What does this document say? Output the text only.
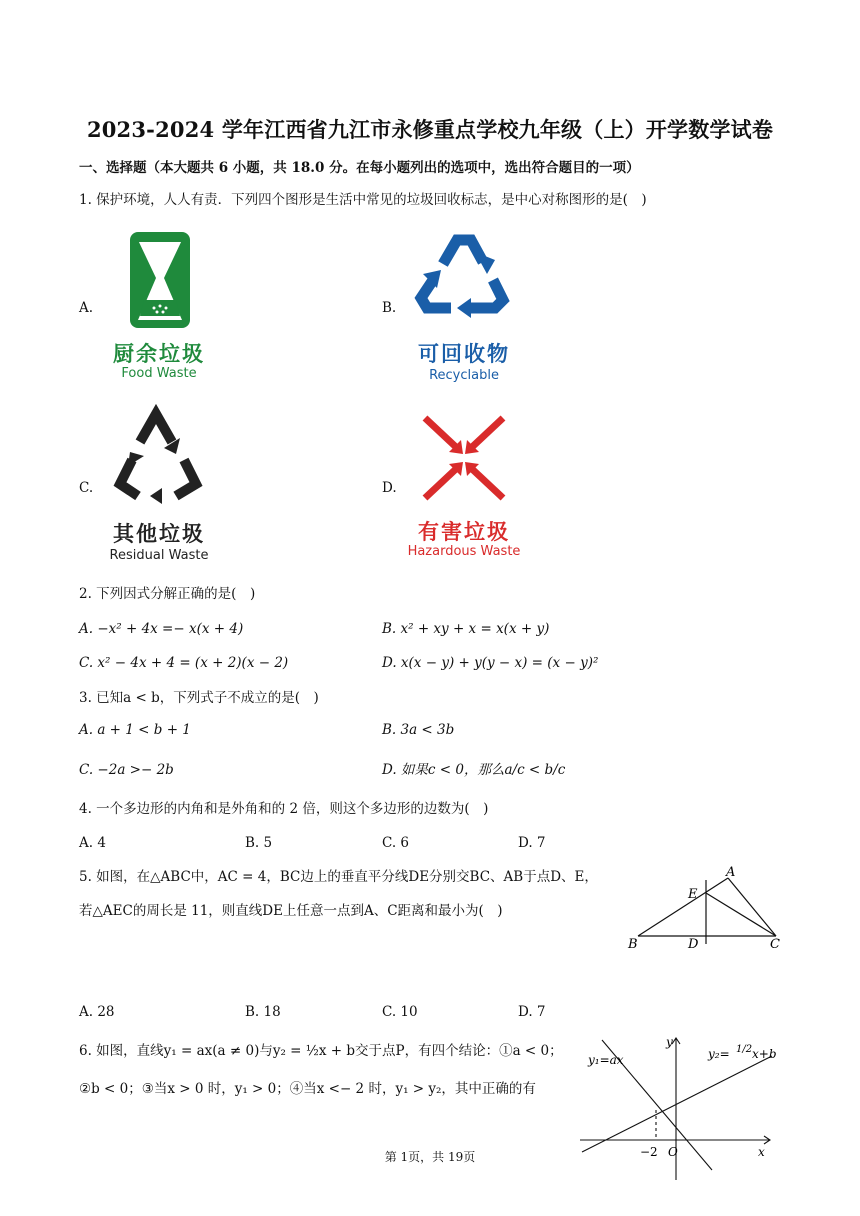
2023-2024 学年江西省九江市永修重点学校九年级（上）开学数学试卷
一、选择题（本大题共 6 小题，共 18.0 分。在每小题列出的选项中，选出符合题目的一项）
1. 保护环境，人人有责．下列四个图形是生活中常见的垃圾回收标志，是中心对称图形的是(　)
A.
厨余垃圾
Food Waste
B.
可回收物
Recyclable
C.
其他垃圾
Residual Waste
D.
有害垃圾
Hazardous Waste
2. 下列因式分解正确的是(　)
A. −x² + 4x =− x(x + 4)	B. x² + xy + x = x(x + y)
C. x² − 4x + 4 = (x + 2)(x − 2)	D. x(x − y) + y(y − x) = (x − y)²
3. 已知a < b，下列式子不成立的是(　)
A. a + 1 < b + 1	B. 3a < 3b
C. −2a >− 2b	D. 如果c < 0，那么a/c < b/c
4. 一个多边形的内角和是外角和的 2 倍，则这个多边形的边数为(　)
A. 4	B. 5	C. 6	D. 7
5. 如图，在△ABC中，AC = 4，BC边上的垂直平分线DE分别交BC、AB于点D、E，
若△AEC的周长是 11，则直线DE上任意一点到A、C距离和最小为(　)
A
E
B	D	C
A. 28	B. 18	C. 10	D. 7
6. 如图，直线y₁ = ax(a ≠ 0)与y₂ = ½x + b交于点P，有四个结论：①a < 0；
②b < 0；③当x > 0 时，y₁ > 0；④当x <− 2 时，y₁ > y₂，其中正确的有
y₁=ax	y₂= 1/2 x+b
y
x
O
−2
第 1页，共 19页
